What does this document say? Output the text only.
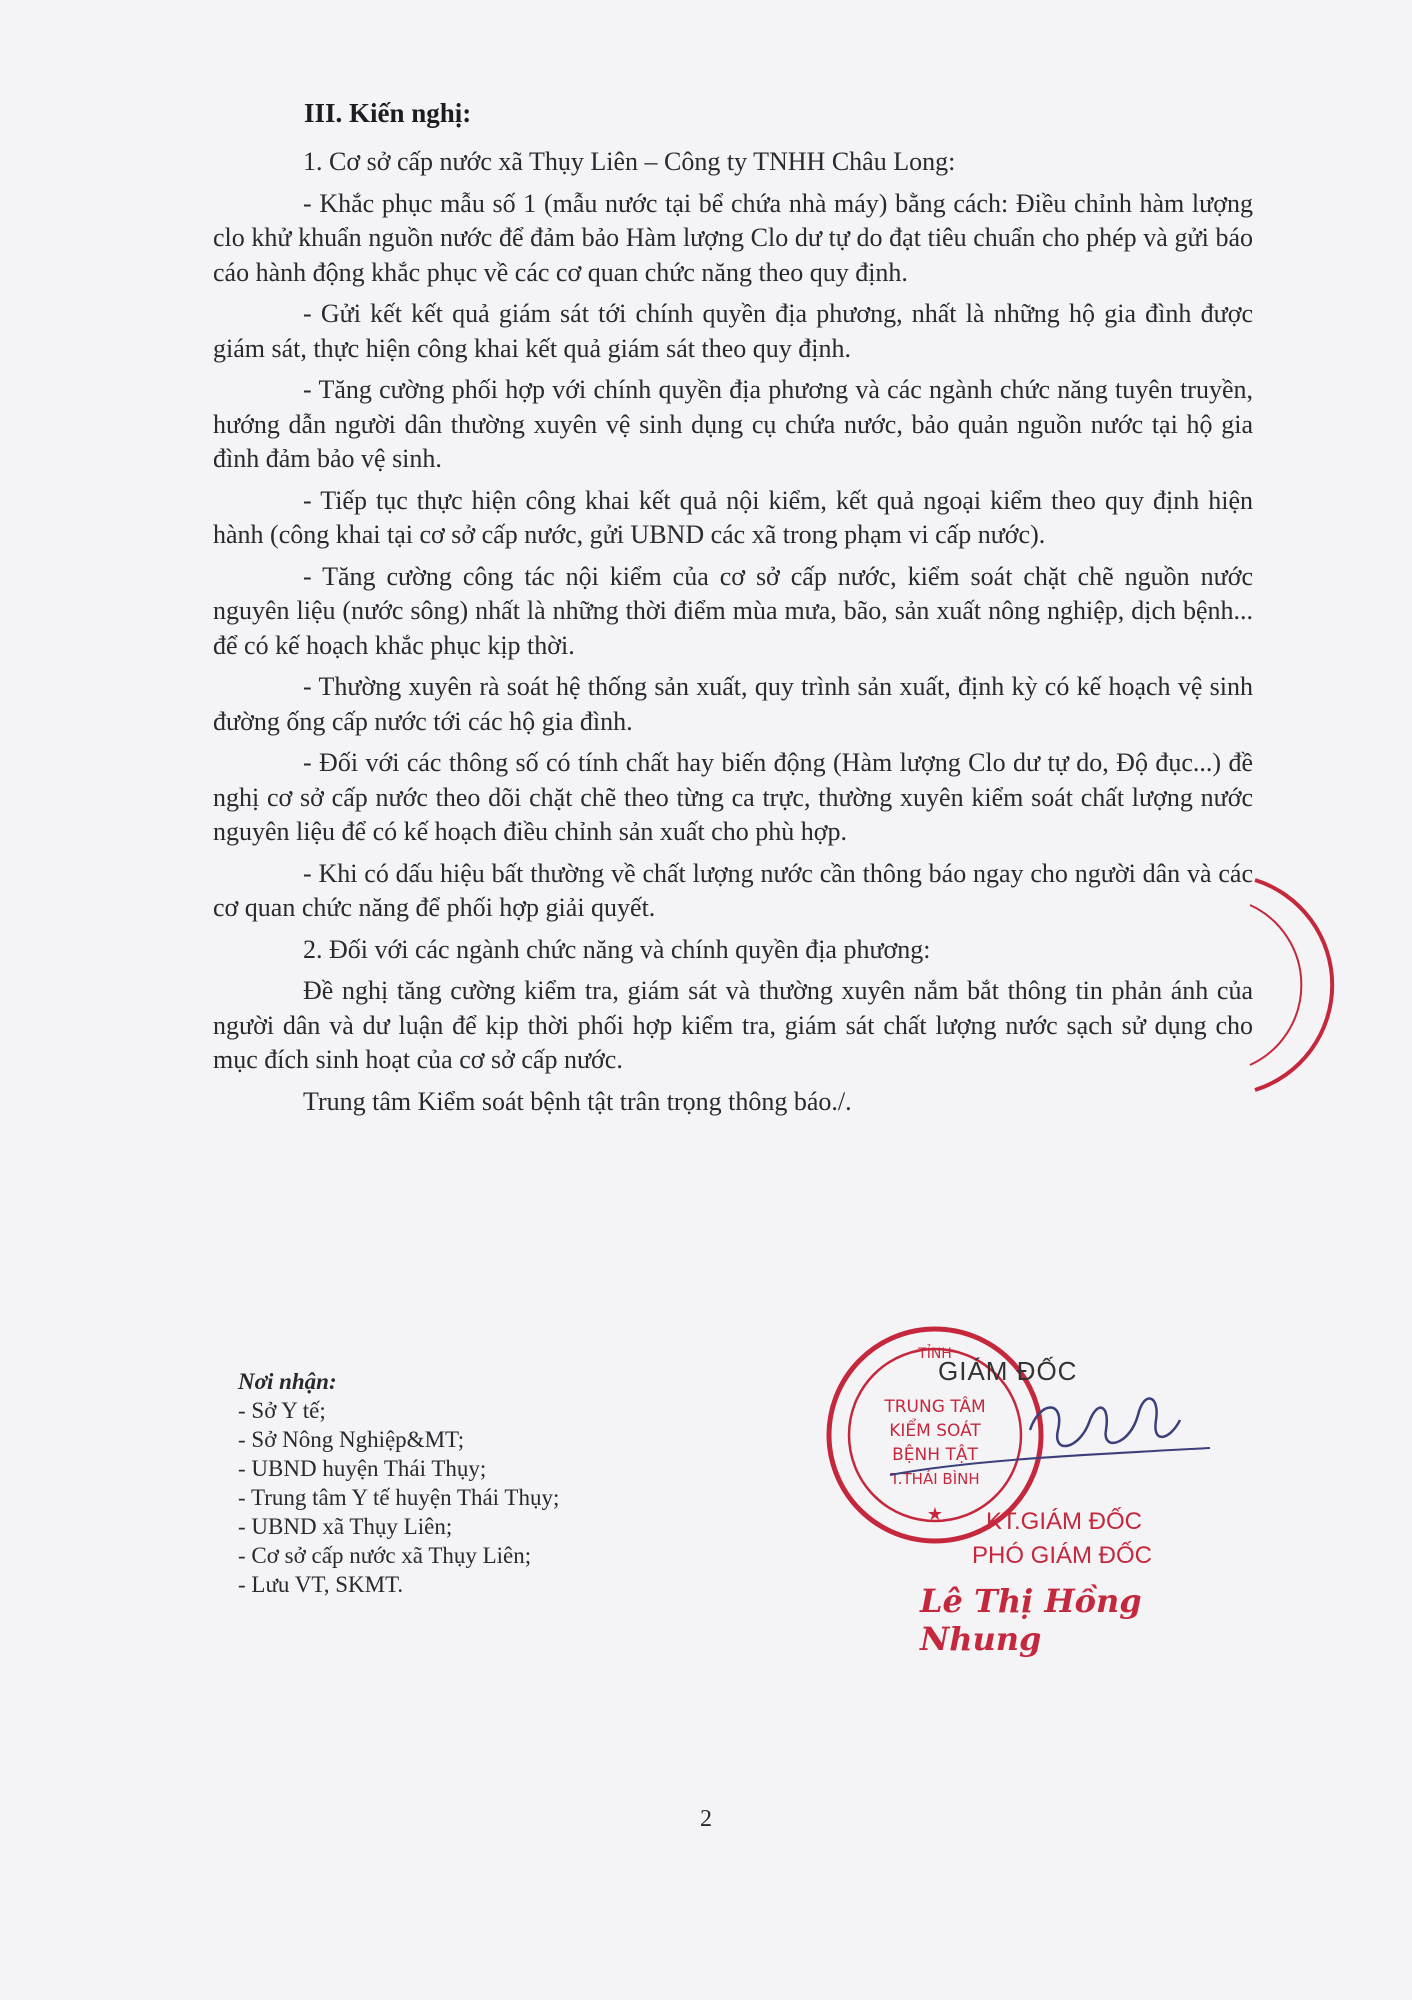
III. Kiến nghị:

1. Cơ sở cấp nước xã Thụy Liên – Công ty TNHH Châu Long:

- Khắc phục mẫu số 1 (mẫu nước tại bể chứa nhà máy) bằng cách: Điều chỉnh hàm lượng clo khử khuẩn nguồn nước để đảm bảo Hàm lượng Clo dư tự do đạt tiêu chuẩn cho phép và gửi báo cáo hành động khắc phục về các cơ quan chức năng theo quy định.

- Gửi kết kết quả giám sát tới chính quyền địa phương, nhất là những hộ gia đình được giám sát, thực hiện công khai kết quả giám sát theo quy định.

- Tăng cường phối hợp với chính quyền địa phương và các ngành chức năng tuyên truyền, hướng dẫn người dân thường xuyên vệ sinh dụng cụ chứa nước, bảo quản nguồn nước tại hộ gia đình đảm bảo vệ sinh.

- Tiếp tục thực hiện công khai kết quả nội kiểm, kết quả ngoại kiểm theo quy định hiện hành (công khai tại cơ sở cấp nước, gửi UBND các xã trong phạm vi cấp nước).

- Tăng cường công tác nội kiểm của cơ sở cấp nước, kiểm soát chặt chẽ nguồn nước nguyên liệu (nước sông) nhất là những thời điểm mùa mưa, bão, sản xuất nông nghiệp, dịch bệnh... để có kế hoạch khắc phục kịp thời.

- Thường xuyên rà soát hệ thống sản xuất, quy trình sản xuất, định kỳ có kế hoạch vệ sinh đường ống cấp nước tới các hộ gia đình.

- Đối với các thông số có tính chất hay biến động (Hàm lượng Clo dư tự do, Độ đục...) đề nghị cơ sở cấp nước theo dõi chặt chẽ theo từng ca trực, thường xuyên kiểm soát chất lượng nước nguyên liệu để có kế hoạch điều chỉnh sản xuất cho phù hợp.

- Khi có dấu hiệu bất thường về chất lượng nước cần thông báo ngay cho người dân và các cơ quan chức năng để phối hợp giải quyết.

2. Đối với các ngành chức năng và chính quyền địa phương:

Đề nghị tăng cường kiểm tra, giám sát và thường xuyên nắm bắt thông tin phản ánh của người dân và dư luận để kịp thời phối hợp kiểm tra, giám sát chất lượng nước sạch sử dụng cho mục đích sinh hoạt của cơ sở cấp nước.

Trung tâm Kiểm soát bệnh tật trân trọng thông báo./.

Nơi nhận:
- Sở Y tế;
- Sở Nông Nghiệp&MT;
- UBND huyện Thái Thụy;
- Trung tâm Y tế huyện Thái Thụy;
- UBND xã Thụy Liên;
- Cơ sở cấp nước xã Thụy Liên;
- Lưu VT, SKMT.
TỈNH
TRUNG TÂM
KIỂM SOÁT
BỆNH TẬT
T.THÁI BÌNH
★
GIÁM ĐỐC
KT.GIÁM ĐỐC
PHÓ GIÁM ĐỐC
Lê Thị Hồng Nhung
2
